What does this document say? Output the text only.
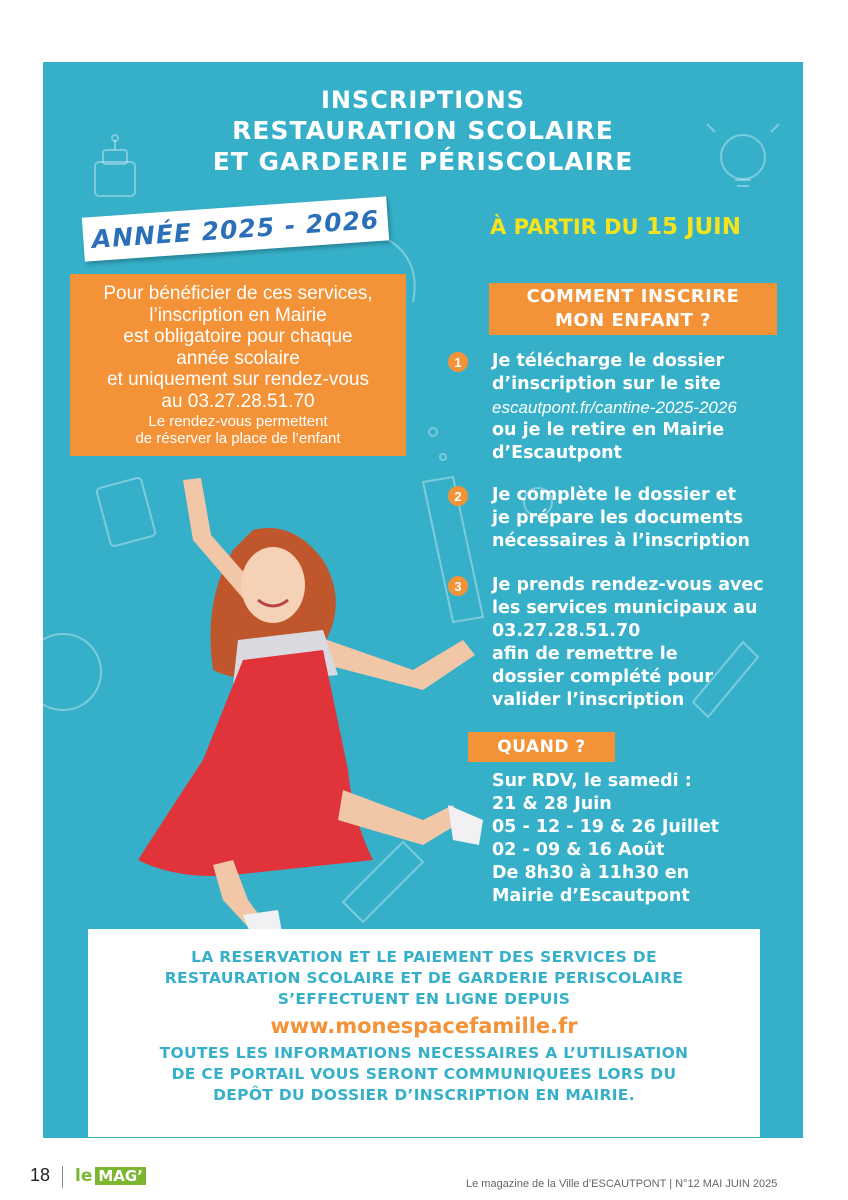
INSCRIPTIONS
RESTAURATION SCOLAIRE
ET GARDERIE PÉRISCOLAIRE
ANNÉE 2025 - 2026	À PARTIR DU 15 JUIN
Pour bénéficier de ces services,
l’inscription en Mairie
est obligatoire pour chaque
année scolaire
et uniquement sur rendez-vous
au 03.27.28.51.70
Le rendez-vous permettent
de réserver la place de l’enfant
COMMENT INSCRIRE
MON ENFANT ?
1	Je télécharge le dossier
d’inscription sur le site
escautpont.fr/cantine-2025-2026
ou je le retire en Mairie
d’Escautpont
2	Je complète le dossier et
je prépare les documents
nécessaires à l’inscription
3	Je prends rendez-vous avec
les services municipaux au
03.27.28.51.70
afin de remettre le
dossier complété pour
valider l’inscription
QUAND ?
Sur RDV, le samedi :
21 & 28 Juin
05 - 12 - 19 & 26 Juillet
02 - 09 & 16 Août
De 8h30 à 11h30 en
Mairie d’Escautpont
LA RESERVATION ET LE PAIEMENT DES SERVICES DE
RESTAURATION SCOLAIRE ET DE GARDERIE PERISCOLAIRE
S’EFFECTUENT EN LIGNE DEPUIS
www.monespacefamille.fr
TOUTES LES INFORMATIONS NECESSAIRES A L’UTILISATION
DE CE PORTAIL VOUS SERONT COMMUNIQUEES LORS DU
DEPÔT DU DOSSIER D’INSCRIPTION EN MAIRIE.
18 le MAG’	Le magazine de la Ville d’ESCAUTPONT | N°12 MAI JUIN 2025
